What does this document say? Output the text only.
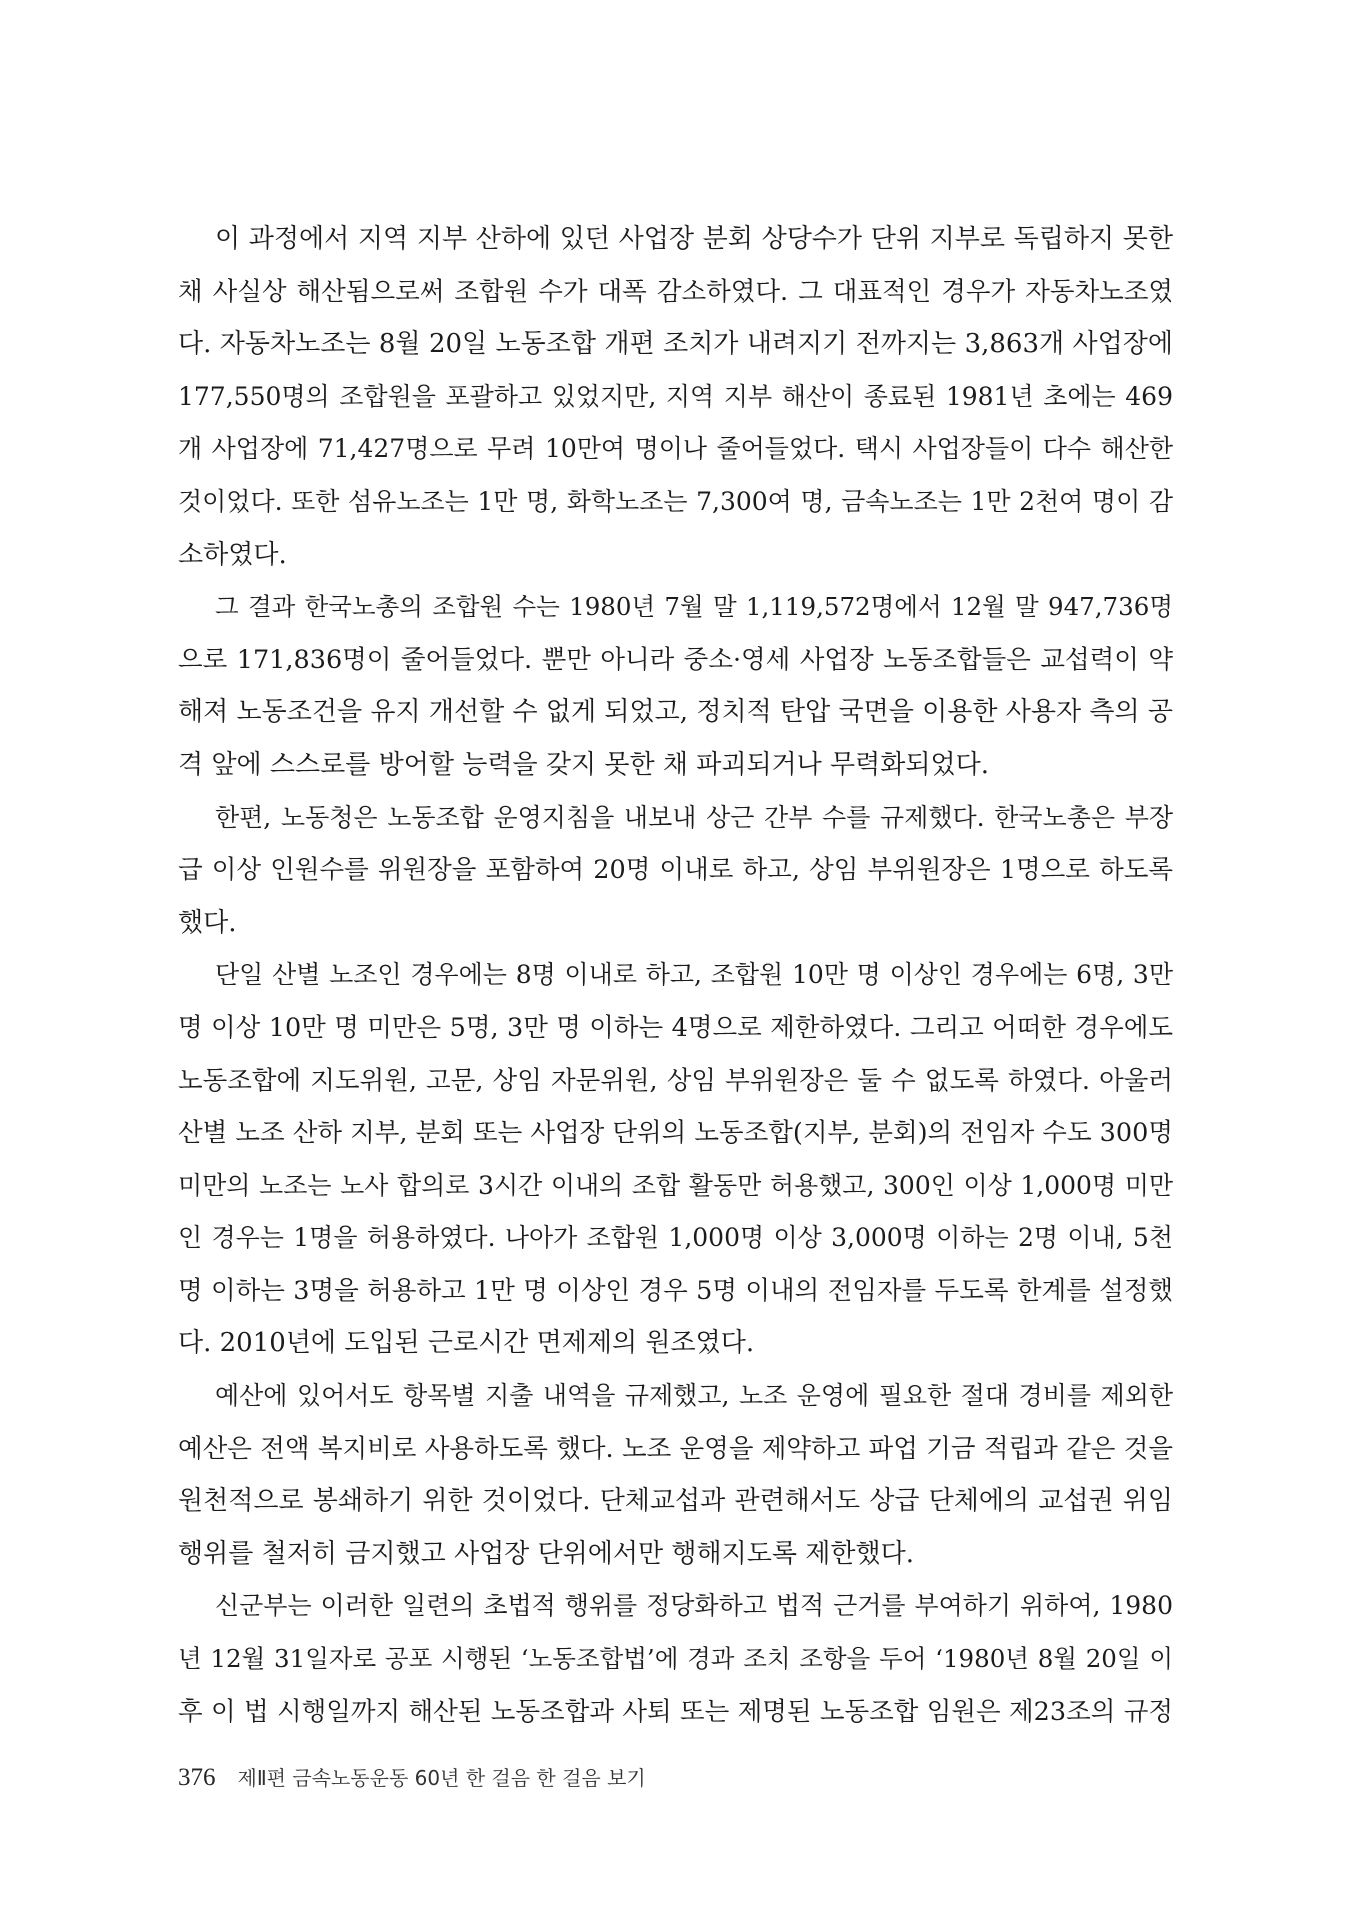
이 과정에서 지역 지부 산하에 있던 사업장 분회 상당수가 단위 지부로 독립하지 못한
채 사실상 해산됨으로써 조합원 수가 대폭 감소하였다. 그 대표적인 경우가 자동차노조였
다. 자동차노조는 8월 20일 노동조합 개편 조치가 내려지기 전까지는 3,863개 사업장에
177,550명의 조합원을 포괄하고 있었지만, 지역 지부 해산이 종료된 1981년 초에는 469
개 사업장에 71,427명으로 무려 10만여 명이나 줄어들었다. 택시 사업장들이 다수 해산한
것이었다. 또한 섬유노조는 1만 명, 화학노조는 7,300여 명, 금속노조는 1만 2천여 명이 감
소하였다.
그 결과 한국노총의 조합원 수는 1980년 7월 말 1,119,572명에서 12월 말 947,736명
으로 171,836명이 줄어들었다. 뿐만 아니라 중소·영세 사업장 노동조합들은 교섭력이 약
해져 노동조건을 유지 개선할 수 없게 되었고, 정치적 탄압 국면을 이용한 사용자 측의 공
격 앞에 스스로를 방어할 능력을 갖지 못한 채 파괴되거나 무력화되었다.
한편, 노동청은 노동조합 운영지침을 내보내 상근 간부 수를 규제했다. 한국노총은 부장
급 이상 인원수를 위원장을 포함하여 20명 이내로 하고, 상임 부위원장은 1명으로 하도록
했다.
단일 산별 노조인 경우에는 8명 이내로 하고, 조합원 10만 명 이상인 경우에는 6명, 3만
명 이상 10만 명 미만은 5명, 3만 명 이하는 4명으로 제한하였다. 그리고 어떠한 경우에도
노동조합에 지도위원, 고문, 상임 자문위원, 상임 부위원장은 둘 수 없도록 하였다. 아울러
산별 노조 산하 지부, 분회 또는 사업장 단위의 노동조합(지부, 분회)의 전임자 수도 300명
미만의 노조는 노사 합의로 3시간 이내의 조합 활동만 허용했고, 300인 이상 1,000명 미만
인 경우는 1명을 허용하였다. 나아가 조합원 1,000명 이상 3,000명 이하는 2명 이내, 5천
명 이하는 3명을 허용하고 1만 명 이상인 경우 5명 이내의 전임자를 두도록 한계를 설정했
다. 2010년에 도입된 근로시간 면제제의 원조였다.
예산에 있어서도 항목별 지출 내역을 규제했고, 노조 운영에 필요한 절대 경비를 제외한
예산은 전액 복지비로 사용하도록 했다. 노조 운영을 제약하고 파업 기금 적립과 같은 것을
원천적으로 봉쇄하기 위한 것이었다. 단체교섭과 관련해서도 상급 단체에의 교섭권 위임
행위를 철저히 금지했고 사업장 단위에서만 행해지도록 제한했다.
신군부는 이러한 일련의 초법적 행위를 정당화하고 법적 근거를 부여하기 위하여, 1980
년 12월 31일자로 공포 시행된 ‘노동조합법’에 경과 조치 조항을 두어 ‘1980년 8월 20일 이
후 이 법 시행일까지 해산된 노동조합과 사퇴 또는 제명된 노동조합 임원은 제23조의 규정
376 제Ⅱ편 금속노동운동 60년 한 걸음 한 걸음 보기
